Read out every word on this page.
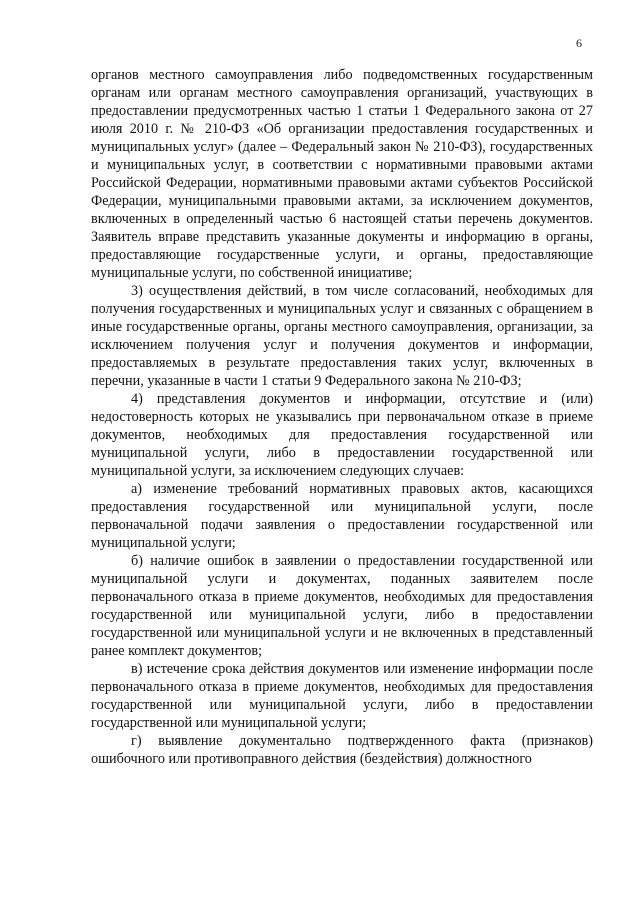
6

органов местного самоуправления либо подведомственных государственным органам или органам местного самоуправления организаций, участвующих в предоставлении предусмотренных частью 1 статьи 1 Федерального закона от 27 июля 2010 г. № 210-ФЗ «Об организации предоставления государственных и муниципальных услуг» (далее – Федеральный закон № 210-ФЗ), государственных и муниципальных услуг, в соответствии с нормативными правовыми актами Российской Федерации, нормативными правовыми актами субъектов Российской Федерации, муниципальными правовыми актами, за исключением документов, включенных в определенный частью 6 настоящей статьи перечень документов. Заявитель вправе представить указанные документы и информацию в органы, предоставляющие государственные услуги, и органы, предоставляющие муниципальные услуги, по собственной инициативе;

3) осуществления действий, в том числе согласований, необходимых для получения государственных и муниципальных услуг и связанных с обращением в иные государственные органы, органы местного самоуправления, организации, за исключением получения услуг и получения документов и информации, предоставляемых в результате предоставления таких услуг, включенных в перечни, указанные в части 1 статьи 9 Федерального закона № 210-ФЗ;

4) представления документов и информации, отсутствие и (или) недостоверность которых не указывались при первоначальном отказе в приеме документов, необходимых для предоставления государственной или муниципальной услуги, либо в предоставлении государственной или муниципальной услуги, за исключением следующих случаев:

а) изменение требований нормативных правовых актов, касающихся предоставления государственной или муниципальной услуги, после первоначальной подачи заявления о предоставлении государственной или муниципальной услуги;

б) наличие ошибок в заявлении о предоставлении государственной или муниципальной услуги и документах, поданных заявителем после первоначального отказа в приеме документов, необходимых для предоставления государственной или муниципальной услуги, либо в предоставлении государственной или муниципальной услуги и не включенных в представленный ранее комплект документов;

в) истечение срока действия документов или изменение информации после первоначального отказа в приеме документов, необходимых для предоставления государственной или муниципальной услуги, либо в предоставлении государственной или муниципальной услуги;

г) выявление документально подтвержденного факта (признаков) ошибочного или противоправного действия (бездействия) должностного
